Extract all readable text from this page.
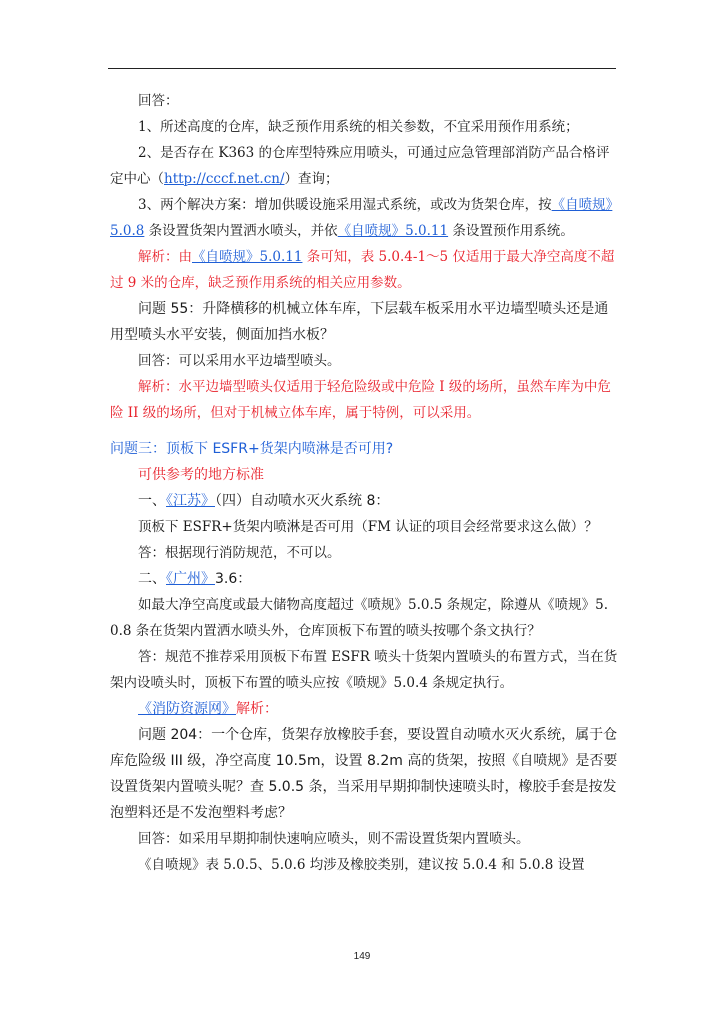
回答：

1、所述高度的仓库，缺乏预作用系统的相关参数，不宜采用预作用系统；

2、是否存在 K363 的仓库型特殊应用喷头，可通过应急管理部消防产品合格评定中心（http://cccf.net.cn/）查询；

3、两个解决方案：增加供暖设施采用湿式系统，或改为货架仓库，按《自喷规》5.0.8 条设置货架内置洒水喷头，并依《自喷规》5.0.11 条设置预作用系统。

解析：由《自喷规》5.0.11 条可知，表 5.0.4-1～5 仅适用于最大净空高度不超过 9 米的仓库，缺乏预作用系统的相关应用参数。

问题 55：升降横移的机械立体车库，下层载车板采用水平边墙型喷头还是通用型喷头水平安装，侧面加挡水板？

回答：可以采用水平边墙型喷头。

解析：水平边墙型喷头仅适用于轻危险级或中危险 I 级的场所，虽然车库为中危险 II 级的场所，但对于机械立体车库，属于特例，可以采用。

问题三：顶板下 ESFR+货架内喷淋是否可用?

可供参考的地方标准

一、《江苏》（四）自动喷水灭火系统 8：

顶板下 ESFR+货架内喷淋是否可用（FM 认证的项目会经常要求这么做）？

答：根据现行消防规范，不可以。

二、《广州》3.6：

如最大净空高度或最大储物高度超过《喷规》5.0.5 条规定，除遵从《喷规》5.0.8 条在货架内置洒水喷头外，仓库顶板下布置的喷头按哪个条文执行？

答：规范不推荐采用顶板下布置 ESFR 喷头十货架内置喷头的布置方式，当在货架内设喷头时，顶板下布置的喷头应按《喷规》5.0.4 条规定执行。

《消防资源网》解析：

问题 204：一个仓库，货架存放橡胶手套，要设置自动喷水灭火系统，属于仓库危险级 III 级，净空高度 10.5m，设置 8.2m 高的货架，按照《自喷规》是否要设置货架内置喷头呢？查 5.0.5 条，当采用早期抑制快速喷头时，橡胶手套是按发泡塑料还是不发泡塑料考虑？

回答：如采用早期抑制快速响应喷头，则不需设置货架内置喷头。

《自喷规》表 5.0.5、5.0.6 均涉及橡胶类别，建议按 5.0.4 和 5.0.8 设置

149
